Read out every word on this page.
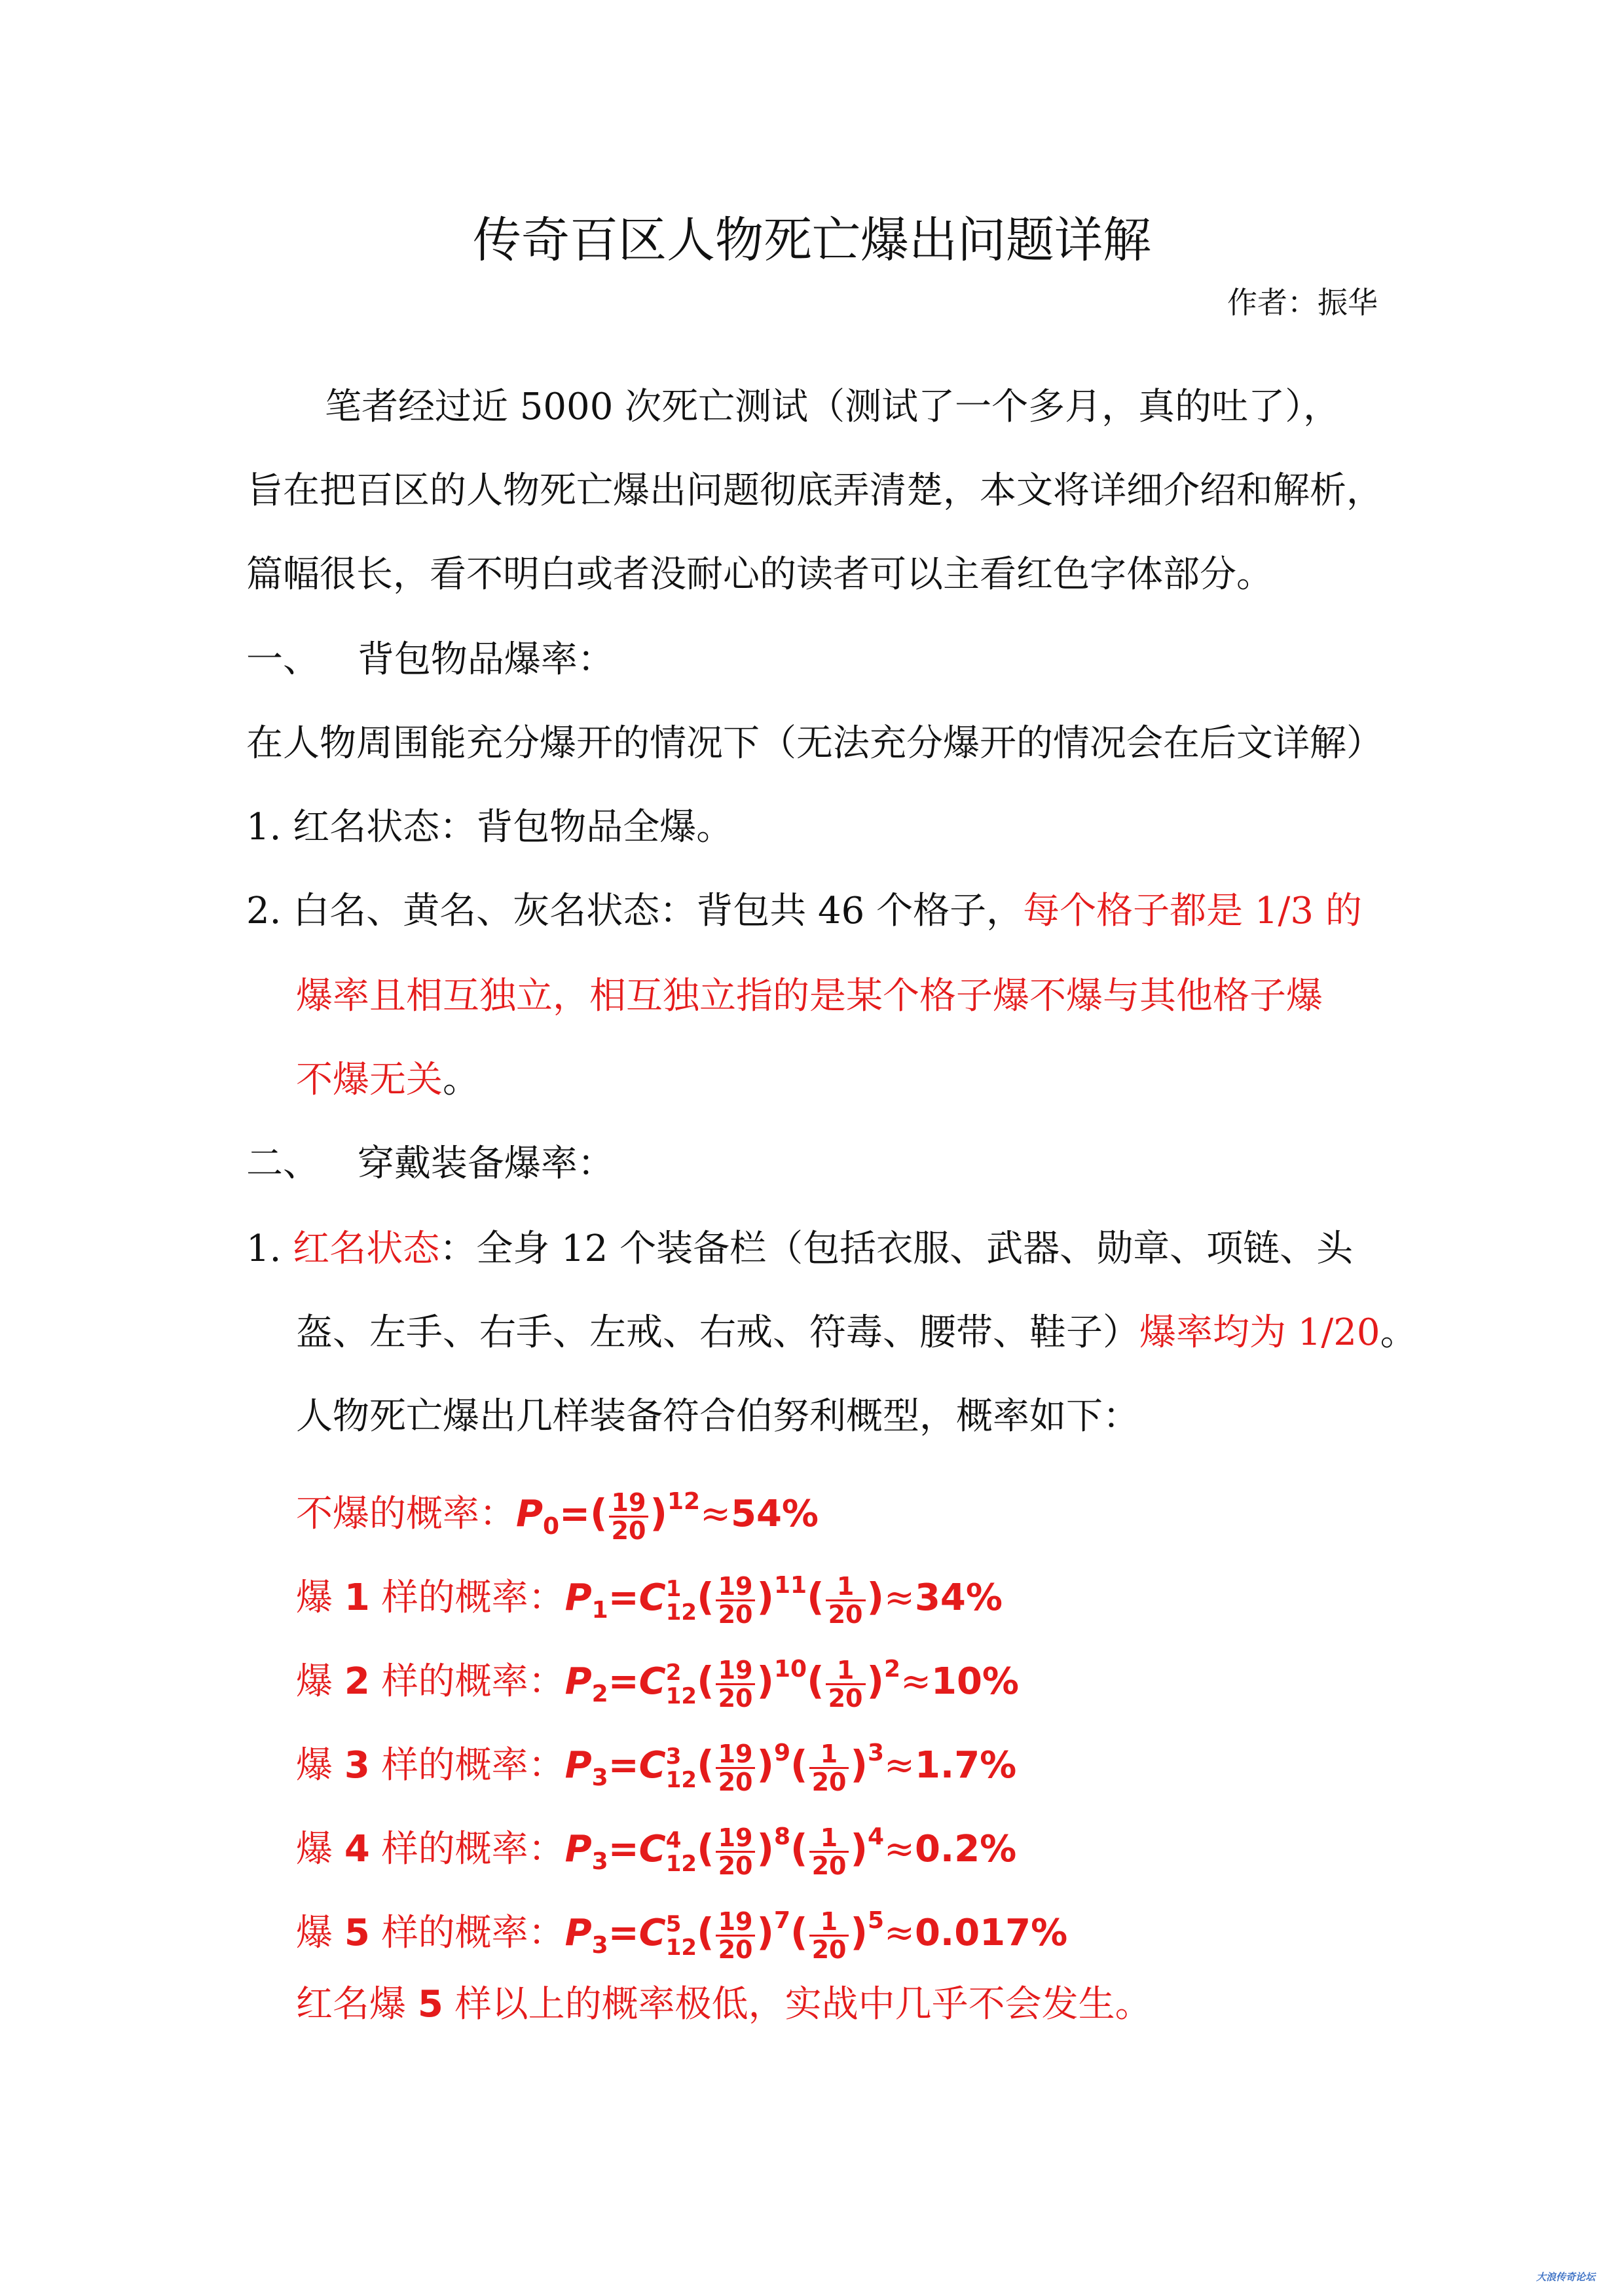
传奇百区人物死亡爆出问题详解
作者：振华
笔者经过近 5000 次死亡测试（测试了一个多月，真的吐了），
旨在把百区的人物死亡爆出问题彻底弄清楚，本文将详细介绍和解析，
篇幅很长，看不明白或者没耐心的读者可以主看红色字体部分。
一、 背包物品爆率：
在人物周围能充分爆开的情况下（无法充分爆开的情况会在后文详解）
1. 红名状态：背包物品全爆。
2. 白名、黄名、灰名状态：背包共 46 个格子，每个格子都是 1/3 的
爆率且相互独立，相互独立指的是某个格子爆不爆与其他格子爆
不爆无关。
二、 穿戴装备爆率：
1. 红名状态：全身 12 个装备栏（包括衣服、武器、勋章、项链、头
盔、左手、右手、左戒、右戒、符毒、腰带、鞋子）爆率均为 1/20。
人物死亡爆出几样装备符合伯努利概型，概率如下：
不爆的概率：$P_0=( \frac{19}{20} )^{12}\approx 54\%$
爆 1 样的概率：$P_1=C$ 1
12 ( $\frac{19}{20} )^{11}( \frac{1}{20} )\approx 34\%$
爆 2 样的概率：$P_2=C$ 2
12 ( $\frac{19}{20} )^{10}( \frac{1}{20} )^2\approx 10\%$
爆 3 样的概率：$P_3=C$ 3
12 ( $\frac{19}{20} )^9( \frac{1}{20} )^3\approx 1.7\%$
爆 4 样的概率：$P_3=C$ 4
12 ( $\frac{19}{20} )^8( \frac{1}{20} )^4\approx 0.2\%$
爆 5 样的概率：$P_3=C$ 5
12 ( $\frac{19}{20} )^7( \frac{1}{20} )^5\approx 0.017\%$
红名爆 5 样以上的概率极低，实战中几乎不会发生。
大浪传奇论坛
